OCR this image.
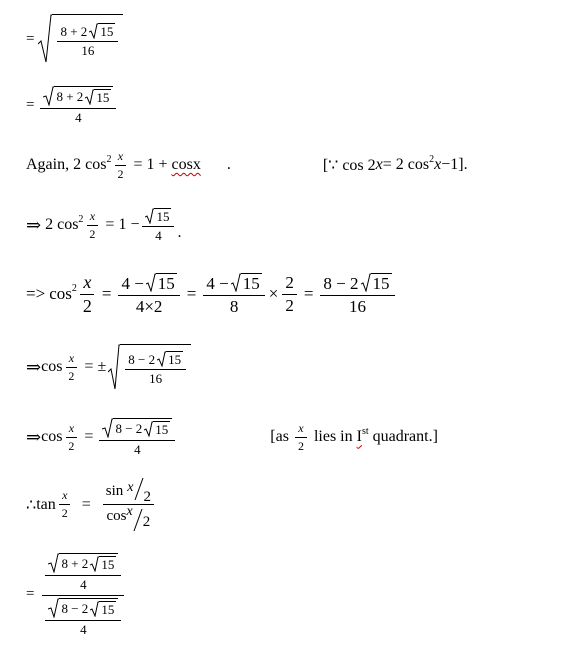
= $\frac{8 + 2 15}{16}$
= $\frac{8 + 2 15}{4}$
Again, 2 $\cos 2 \frac{x}{2} = 1 + \cos x$ .	[∵ cos 2 x = 2 cos 2 x −1].
⇒ 2 $\cos 2 \frac{x}{2} = 1 - \frac{15}{4}$ .
=> $\cos 2 \frac{x}{2} = \frac{4 - 15}{4\times 2} = \frac{4 - 15}{8} \times \frac{2}{2} = \frac{8 - 2 15}{16}$
⇒ $\cos \frac{x}{2}$ = ± $\frac{8 - 2 15}{16}$
⇒ $\cos \frac{x}{2} = \frac{8 - 2 15}{4}$	[$as \frac{x}{2}$ lies in I st quadrant.]
∴ $\tan \frac{x}{2} = \sin x$
2
cos x
2
=
$\frac{8 + 2 15}{4}$
$\frac{8 - 2 15}{4}$
